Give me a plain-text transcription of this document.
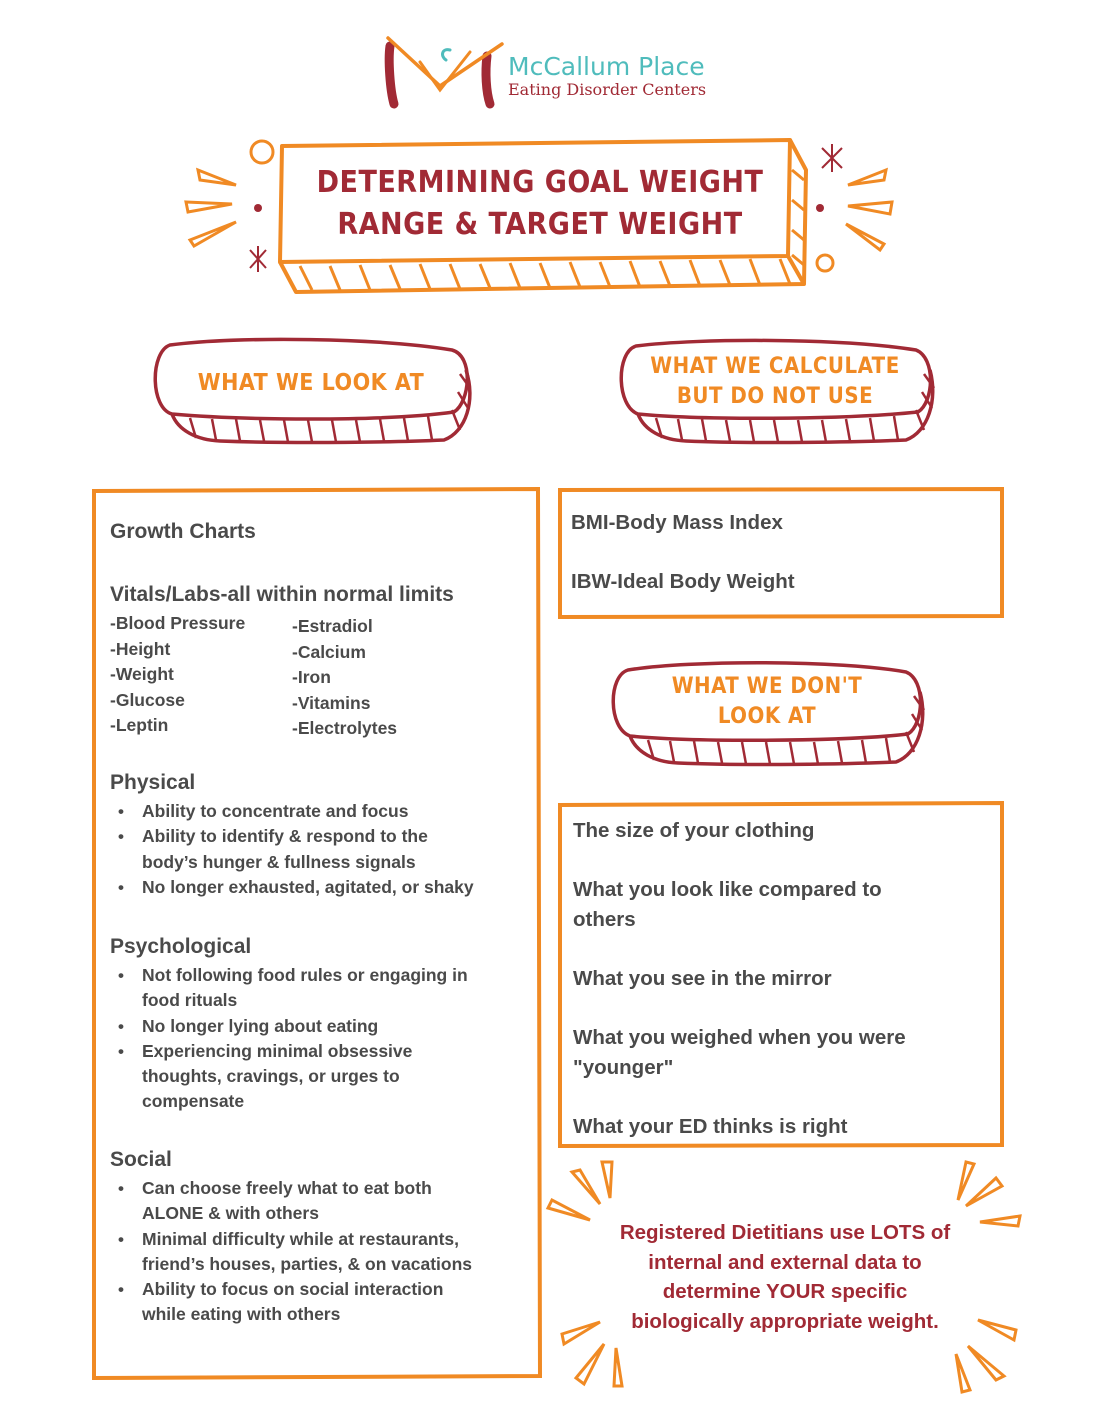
McCallum Place
Eating Disorder Centers
DETERMINING GOAL WEIGHT
RANGE & TARGET WEIGHT
WHAT WE LOOK AT
WHAT WE CALCULATE
BUT DO NOT USE
WHAT WE DON'T
LOOK AT
Growth Charts
Vitals/Labs-all within normal limits
-Blood Pressure
-Height
-Weight
-Glucose
-Leptin
-Estradiol
-Calcium
-Iron
-Vitamins
-Electrolytes
Physical
• Ability to concentrate and focus
• Ability to identify & respond to the
body’s hunger & fullness signals
• No longer exhausted, agitated, or shaky
Psychological
• Not following food rules or engaging in
food rituals
• No longer lying about eating
• Experiencing minimal obsessive
thoughts, cravings, or urges to
compensate
Social
• Can choose freely what to eat both
ALONE & with others
• Minimal difficulty while at restaurants,
friend’s houses, parties, & on vacations
• Ability to focus on social interaction
while eating with others
BMI-Body Mass Index
IBW-Ideal Body Weight
The size of your clothing
What you look like compared to
others
What you see in the mirror
What you weighed when you were
"younger"
What your ED thinks is right
Registered Dietitians use LOTS of
internal and external data to
determine YOUR specific
biologically appropriate weight.
